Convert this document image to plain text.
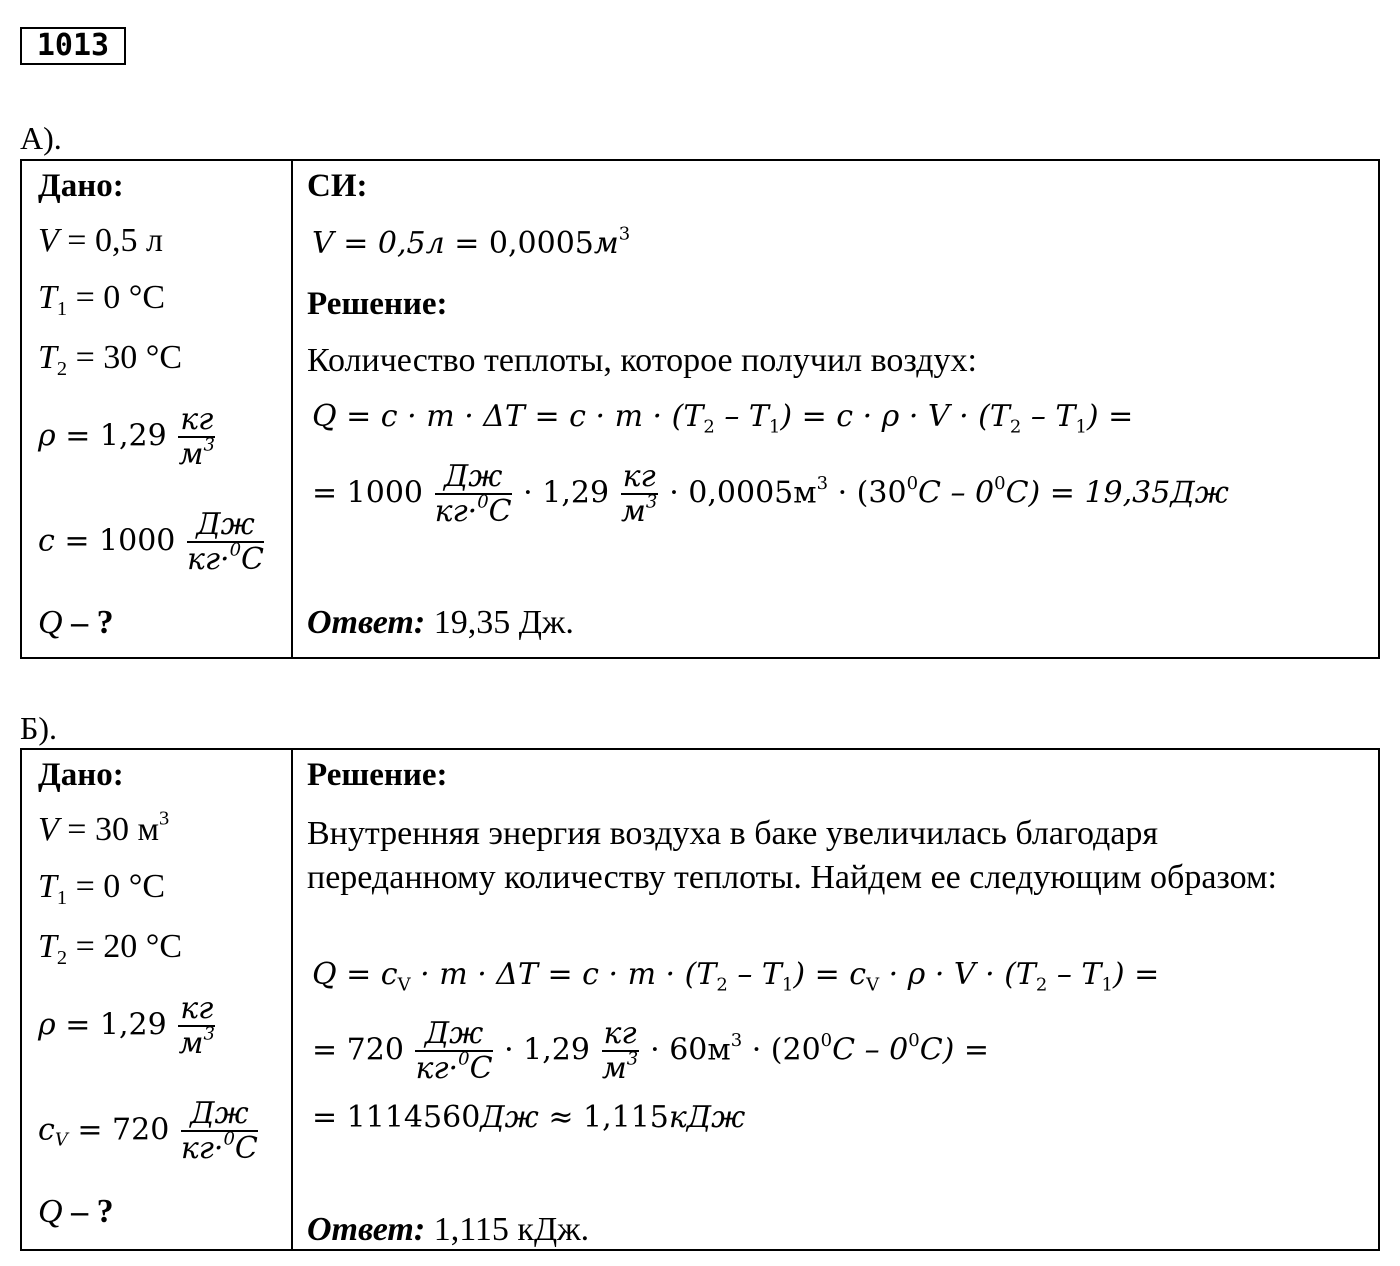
1013
А).
Дано:
V = 0,5 л
$T_1 = 0$ °C
$T_2 = 30$ °C
$\rho = 1,29 \frac{кг}{м^3}$
$c = 1000 \frac{Дж}{кг\cdot^0C}$
Q – ?
СИ:
$V = 0,5л = 0,0005м^3$
Решение:
Количество теплоты, которое получил воздух:
$Q = c \cdot m \cdot \Delta T = c \cdot m \cdot (T_2 - T_1) = c \cdot \rho \cdot V \cdot (T_2 - T_1)$ =
= $1000 \frac{Дж}{кг\cdot^0C} \cdot 1,29 \frac{кг}{м^3} \cdot 0,0005м^3 \cdot (30^0C - 0^0C) = 19,35Дж$
Ответ: 19,35 Дж.
Б).
Дано:
V = 30 $м^3$
$T_1 = 0$ °C
$T_2 = 20$ °C
$\rho = 1,29 \frac{кг}{м^3}$
$c_V = 720 \frac{Дж}{кг\cdot^0C}$
Q – ?
Решение:
Внутренняя энергия воздуха в баке увеличилась благодаря переданному количеству теплоты. Найдем ее следующим образом:
$Q = c_V \cdot m \cdot \Delta T = c \cdot m \cdot (T_2 - T_1) = c_V \cdot \rho \cdot V \cdot (T_2 - T_1)$ =
= $720 \frac{Дж}{кг\cdot^0C} \cdot 1,29 \frac{кг}{м^3} \cdot 60м^3 \cdot (20^0C - 0^0C)$ =
= 1114560Дж ≈ 1,115кДж
Ответ: 1,115 кДж.
